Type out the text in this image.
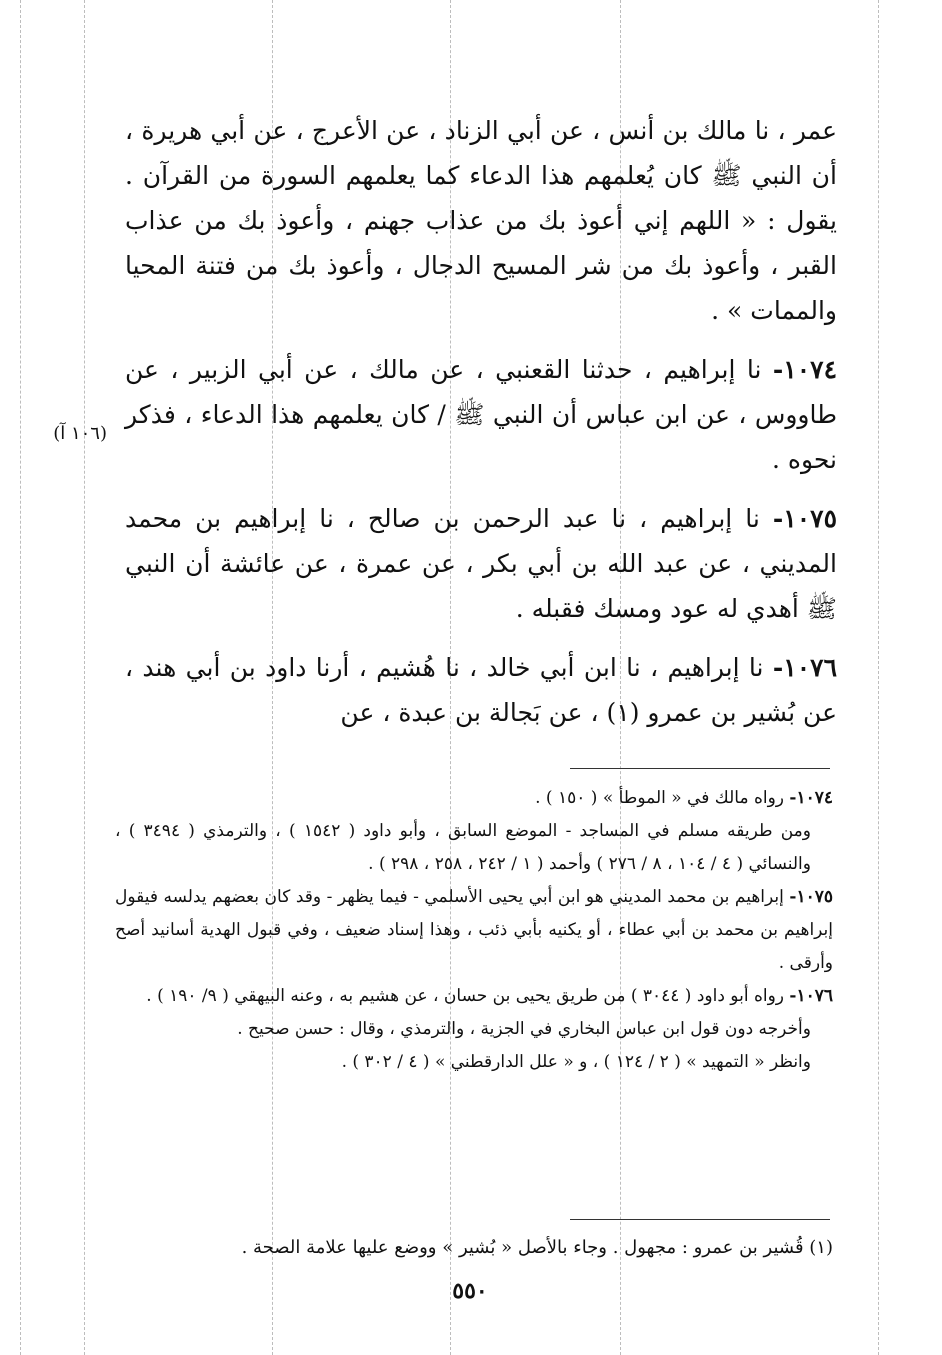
عمر ، نا مالك بن أنس ، عن أبي الزناد ، عن الأعرج ، عن أبي هريرة ، أن النبي ﷺ كان يُعلمهم هذا الدعاء كما يعلمهم السورة من القرآن . يقول : « اللهم إني أعوذ بك من عذاب جهنم ، وأعوذ بك من عذاب القبر ، وأعوذ بك من شر المسيح الدجال ، وأعوذ بك من فتنة المحيا والممات » .

١٠٧٤- نا إبراهيم ، حدثنا القعنبي ، عن مالك ، عن أبي الزبير ، عن طاووس ، عن ابن عباس أن النبي ﷺ / كان يعلمهم هذا الدعاء ، فذكر نحوه .

١٠٧٥- نا إبراهيم ، نا عبد الرحمن بن صالح ، نا إبراهيم بن محمد المديني ، عن عبد الله بن أبي بكر ، عن عمرة ، عن عائشة أن النبي ﷺ أهدي له عود ومسك فقبله .

١٠٧٦- نا إبراهيم ، نا ابن أبي خالد ، نا هُشيم ، أرنا داود بن أبي هند ، عن بُشير بن عمرو (١) ، عن بَجالة بن عبدة ، عن

(١٠٦ آ)

١٠٧٤- رواه مالك في « الموطأ » ( ١٥٠ ) .

ومن طريقه مسلم في المساجد - الموضع السابق ، وأبو داود ( ١٥٤٢ ) ، والترمذي ( ٣٤٩٤ ) ، والنسائي ( ٤ / ١٠٤ ، ٨ / ٢٧٦ ) وأحمد ( ١ / ٢٤٢ ، ٢٥٨ ، ٢٩٨ ) .

١٠٧٥- إبراهيم بن محمد المديني هو ابن أبي يحيى الأسلمي - فيما يظهر - وقد كان بعضهم يدلسه فيقول إبراهيم بن محمد بن أبي عطاء ، أو يكنيه بأبي ذئب ، وهذا إسناد ضعيف ، وفي قبول الهدية أسانيد أصح وأرقى .

١٠٧٦- رواه أبو داود ( ٣٠٤٤ ) من طريق يحيى بن حسان ، عن هشيم به ، وعنه البيهقي ( ٩/ ١٩٠ ) .

وأخرجه دون قول ابن عباس البخاري في الجزية ، والترمذي ، وقال : حسن صحيح .

وانظر « التمهيد » ( ٢ / ١٢٤ ) ، و « علل الدارقطني » ( ٤ / ٣٠٢ ) .

(١) قُشير بن عمرو : مجهول . وجاء بالأصل « بُشير » ووضع عليها علامة الصحة .
٥٥٠
